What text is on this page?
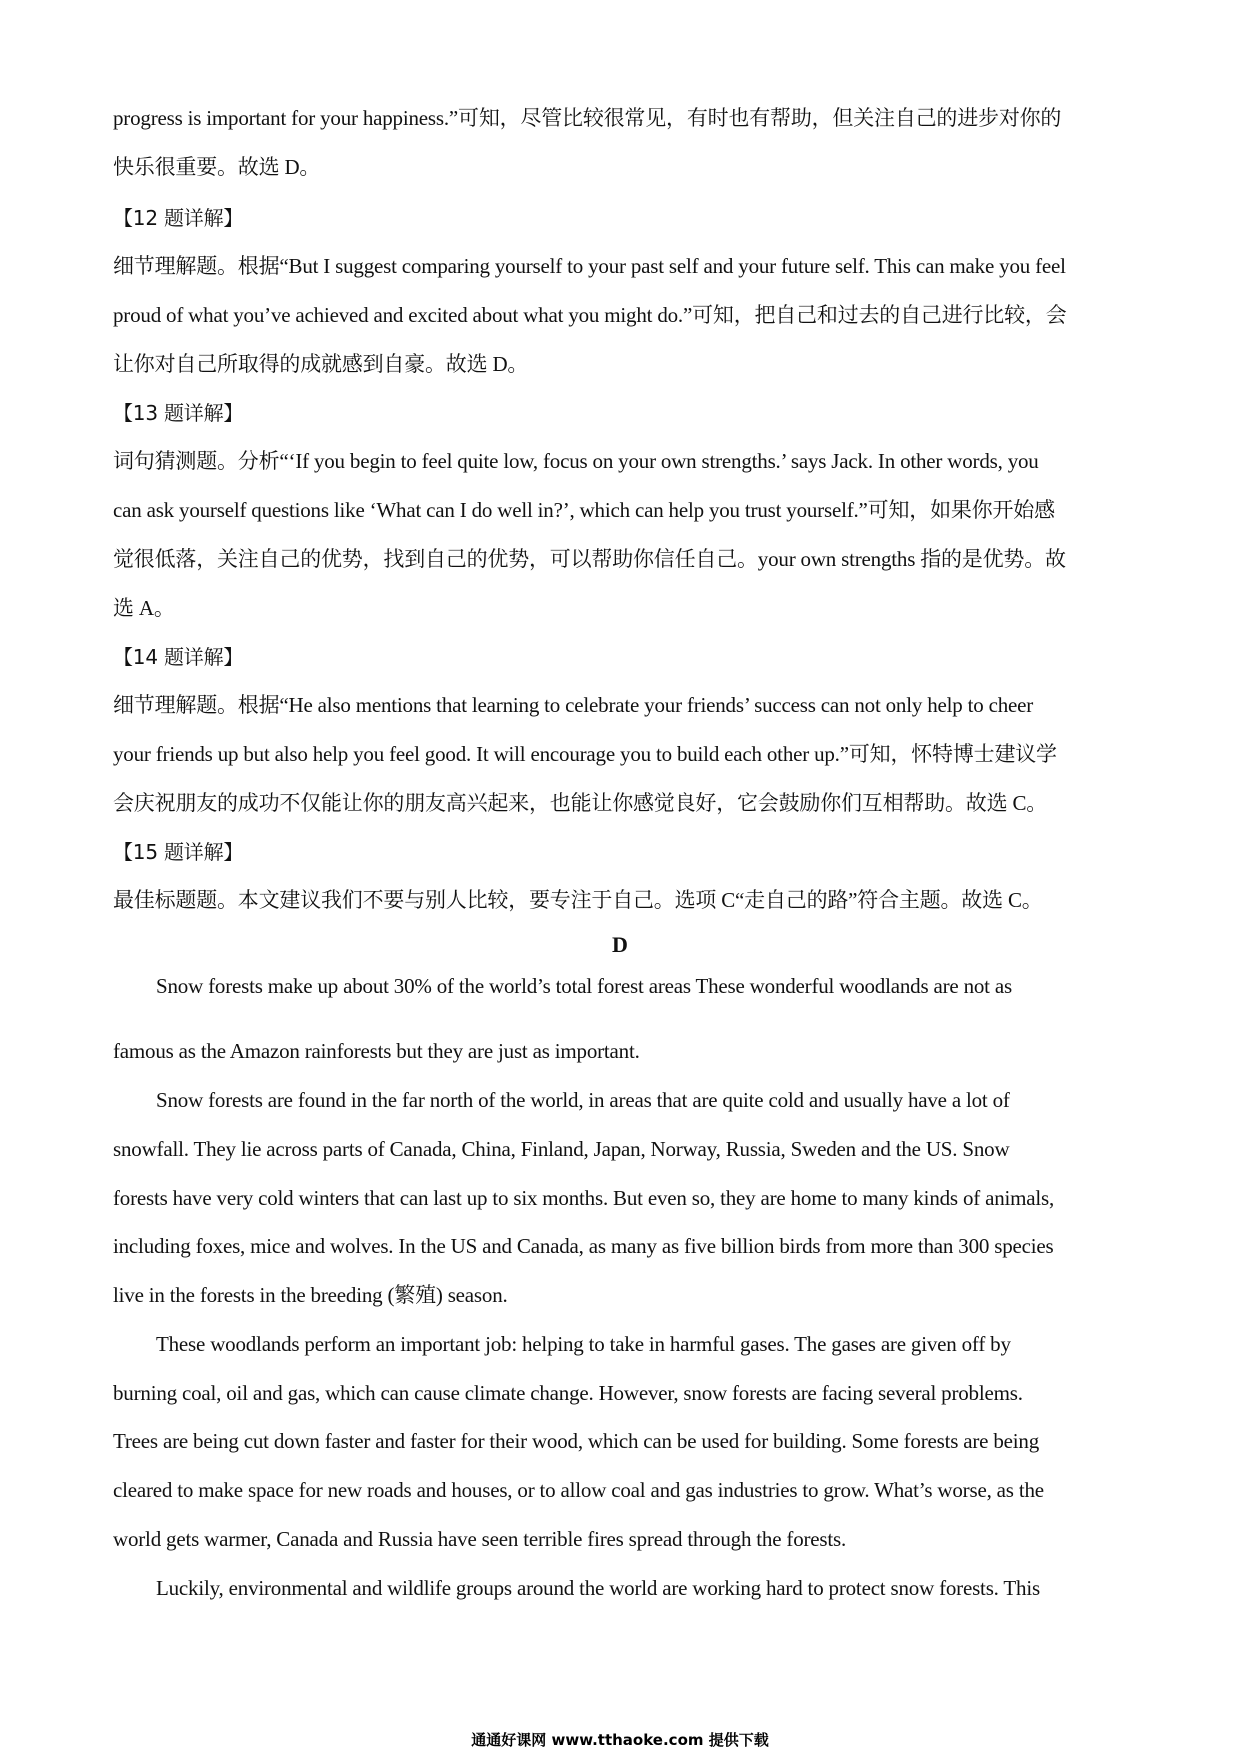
progress is important for your happiness.”可知，尽管比较很常见，有时也有帮助，但关注自己的进步对你的
快乐很重要。故选 D。
【12 题详解】
细节理解题。根据“But I suggest comparing yourself to your past self and your future self. This can make you feel
proud of what you’ve achieved and excited about what you might do.”可知，把自己和过去的自己进行比较，会
让你对自己所取得的成就感到自豪。故选 D。
【13 题详解】
词句猜测题。分析“‘If you begin to feel quite low, focus on your own strengths.’ says Jack. In other words, you
can ask yourself questions like ‘What can I do well in?’, which can help you trust yourself.”可知，如果你开始感
觉很低落，关注自己的优势，找到自己的优势，可以帮助你信任自己。your own strengths 指的是优势。故
选 A。
【14 题详解】
细节理解题。根据“He also mentions that learning to celebrate your friends’ success can not only help to cheer
your friends up but also help you feel good. It will encourage you to build each other up.”可知，怀特博士建议学
会庆祝朋友的成功不仅能让你的朋友高兴起来，也能让你感觉良好，它会鼓励你们互相帮助。故选 C。
【15 题详解】
最佳标题题。本文建议我们不要与别人比较，要专注于自己。选项 C“走自己的路”符合主题。故选 C。
D
Snow forests make up about 30% of the world’s total forest areas These wonderful woodlands are not as
famous as the Amazon rainforests but they are just as important.
Snow forests are found in the far north of the world, in areas that are quite cold and usually have a lot of
snowfall. They lie across parts of Canada, China, Finland, Japan, Norway, Russia, Sweden and the US. Snow
forests have very cold winters that can last up to six months. But even so, they are home to many kinds of animals,
including foxes, mice and wolves. In the US and Canada, as many as five billion birds from more than 300 species
live in the forests in the breeding (繁殖) season.
These woodlands perform an important job: helping to take in harmful gases. The gases are given off by
burning coal, oil and gas, which can cause climate change. However, snow forests are facing several problems.
Trees are being cut down faster and faster for their wood, which can be used for building. Some forests are being
cleared to make space for new roads and houses, or to allow coal and gas industries to grow. What’s worse, as the
world gets warmer, Canada and Russia have seen terrible fires spread through the forests.
Luckily, environmental and wildlife groups around the world are working hard to protect snow forests. This
通通好课网 www.tthaoke.com 提供下载
